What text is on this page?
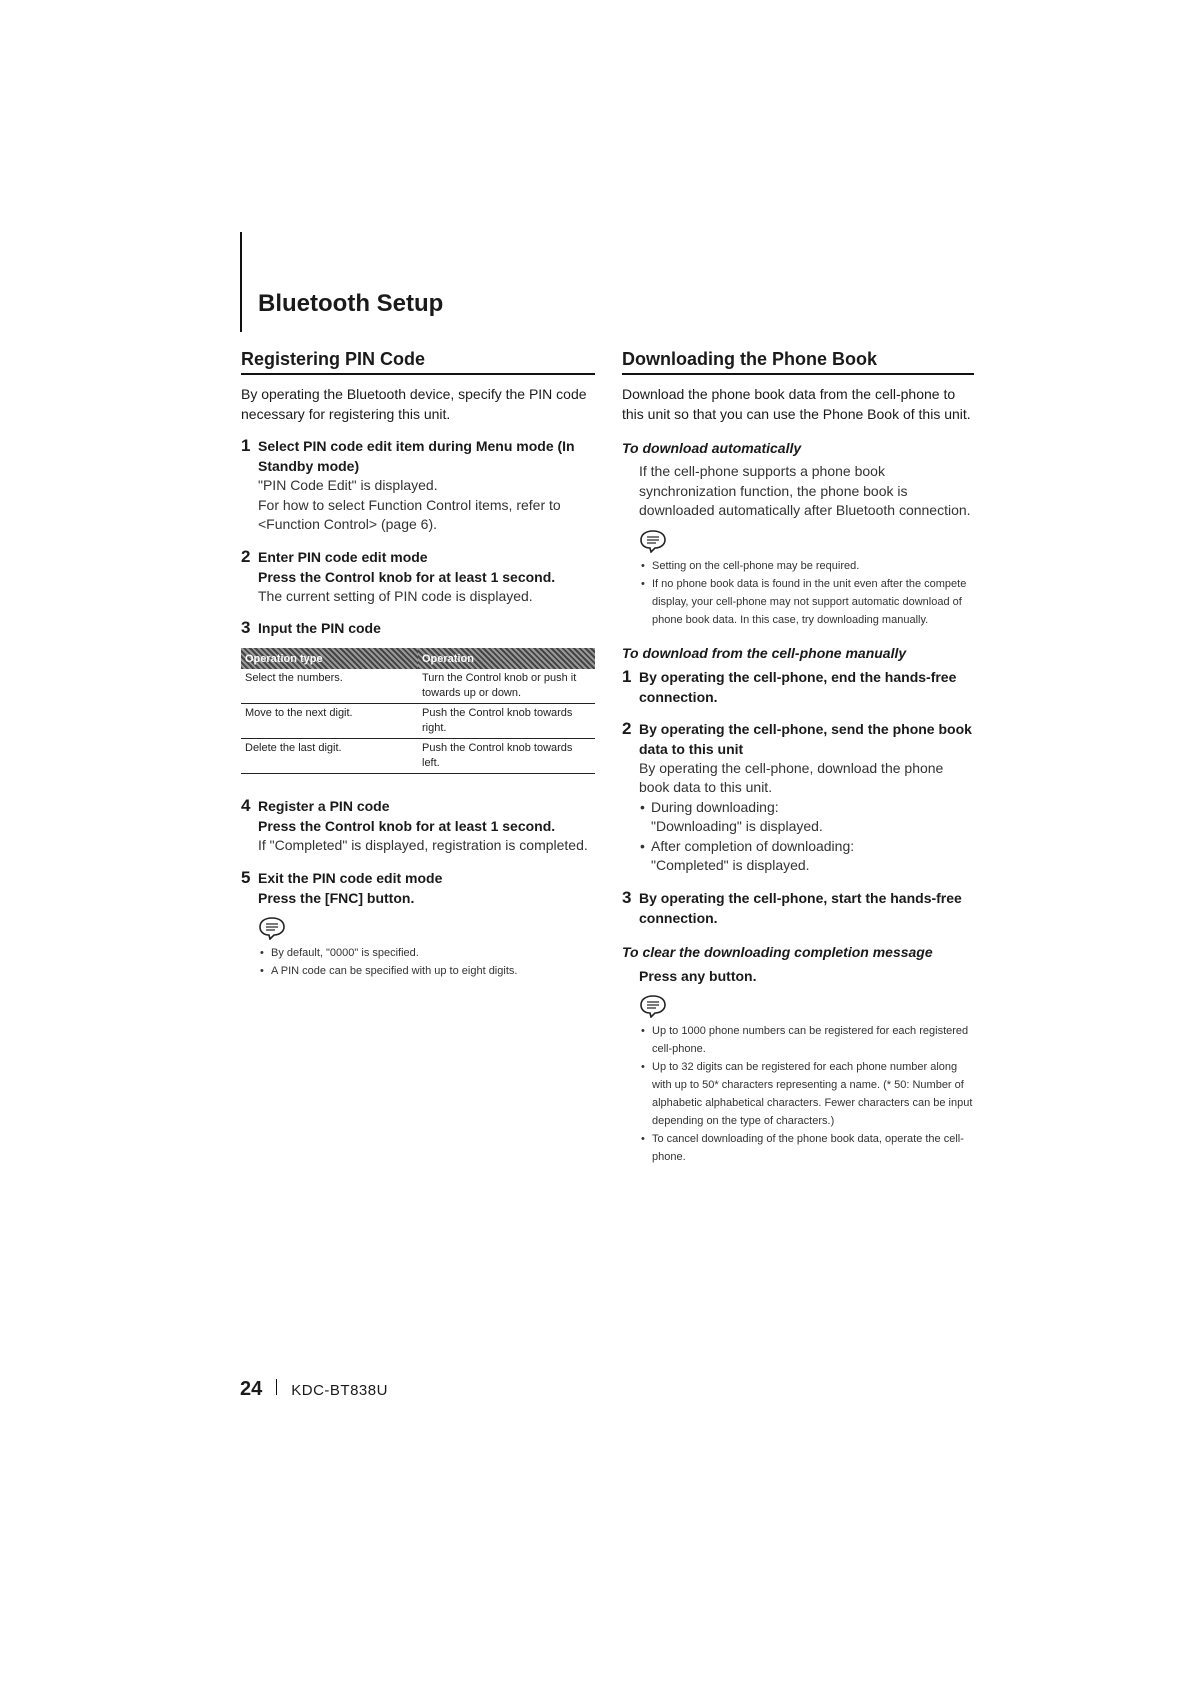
Bluetooth Setup
Registering PIN Code

By operating the Bluetooth device, specify the PIN code necessary for registering this unit.

1 Select PIN code edit item during Menu mode (In Standby mode)
"PIN Code Edit" is displayed.
For how to select Function Control items, refer to <Function Control> (page 6).
2 Enter PIN code edit mode
Press the Control knob for at least 1 second.
The current setting of PIN code is displayed.
3 Input the PIN code
Operation type	Operation
Select the numbers.	Turn the Control knob or push it towards up or down.
Move to the next digit.	Push the Control knob towards right.
Delete the last digit.	Push the Control knob towards left.
4 Register a PIN code
Press the Control knob for at least 1 second.
If "Completed" is displayed, registration is completed.
5 Exit the PIN code edit mode
Press the [FNC] button.
• By default, "0000" is specified.
• A PIN code can be specified with up to eight digits.
Downloading the Phone Book

Download the phone book data from the cell-phone to this unit so that you can use the Phone Book of this unit.

To download automatically
If the cell-phone supports a phone book synchronization function, the phone book is downloaded automatically after Bluetooth connection.
• Setting on the cell-phone may be required.
• If no phone book data is found in the unit even after the compete display, your cell-phone may not support automatic download of phone book data. In this case, try downloading manually.
To download from the cell-phone manually
1 By operating the cell-phone, end the hands-free connection.
2 By operating the cell-phone, send the phone book data to this unit
By operating the cell-phone, download the phone book data to this unit.
• During downloading:
"Downloading" is displayed.
• After completion of downloading:
"Completed" is displayed.
3 By operating the cell-phone, start the hands-free connection.
To clear the downloading completion message
Press any button.
• Up to 1000 phone numbers can be registered for each registered cell-phone.
• Up to 32 digits can be registered for each phone number along with up to 50* characters representing a name. (* 50: Number of alphabetic alphabetical characters. Fewer characters can be input depending on the type of characters.)
• To cancel downloading of the phone book data, operate the cell-phone.
24 KDC-BT838U
